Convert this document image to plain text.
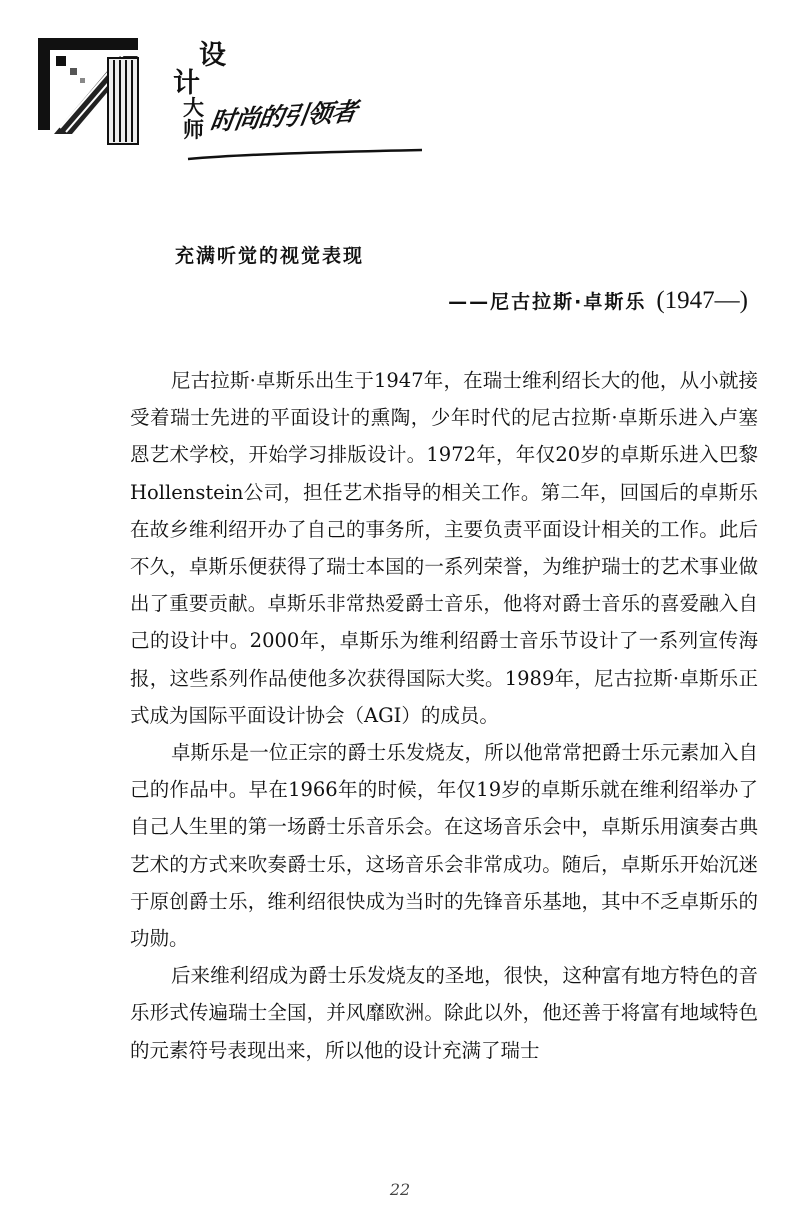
设
计
大
师 时尚的引领者
充满听觉的视觉表现
——尼古拉斯·卓斯乐 (1947—)

尼古拉斯·卓斯乐出生于1947年，在瑞士维利绍长大的他，从小就接受着瑞士先进的平面设计的熏陶，少年时代的尼古拉斯·卓斯乐进入卢塞恩艺术学校，开始学习排版设计。1972年，年仅20岁的卓斯乐进入巴黎Hollenstein公司，担任艺术指导的相关工作。第二年，回国后的卓斯乐在故乡维利绍开办了自己的事务所，主要负责平面设计相关的工作。此后不久，卓斯乐便获得了瑞士本国的一系列荣誉，为维护瑞士的艺术事业做出了重要贡献。卓斯乐非常热爱爵士音乐，他将对爵士音乐的喜爱融入自己的设计中。2000年，卓斯乐为维利绍爵士音乐节设计了一系列宣传海报，这些系列作品使他多次获得国际大奖。1989年，尼古拉斯·卓斯乐正式成为国际平面设计协会（AGI）的成员。

卓斯乐是一位正宗的爵士乐发烧友，所以他常常把爵士乐元素加入自己的作品中。早在1966年的时候，年仅19岁的卓斯乐就在维利绍举办了自己人生里的第一场爵士乐音乐会。在这场音乐会中，卓斯乐用演奏古典艺术的方式来吹奏爵士乐，这场音乐会非常成功。随后，卓斯乐开始沉迷于原创爵士乐，维利绍很快成为当时的先锋音乐基地，其中不乏卓斯乐的功勋。

后来维利绍成为爵士乐发烧友的圣地，很快，这种富有地方特色的音乐形式传遍瑞士全国，并风靡欧洲。除此以外，他还善于将富有地域特色的元素符号表现出来，所以他的设计充满了瑞士

22
